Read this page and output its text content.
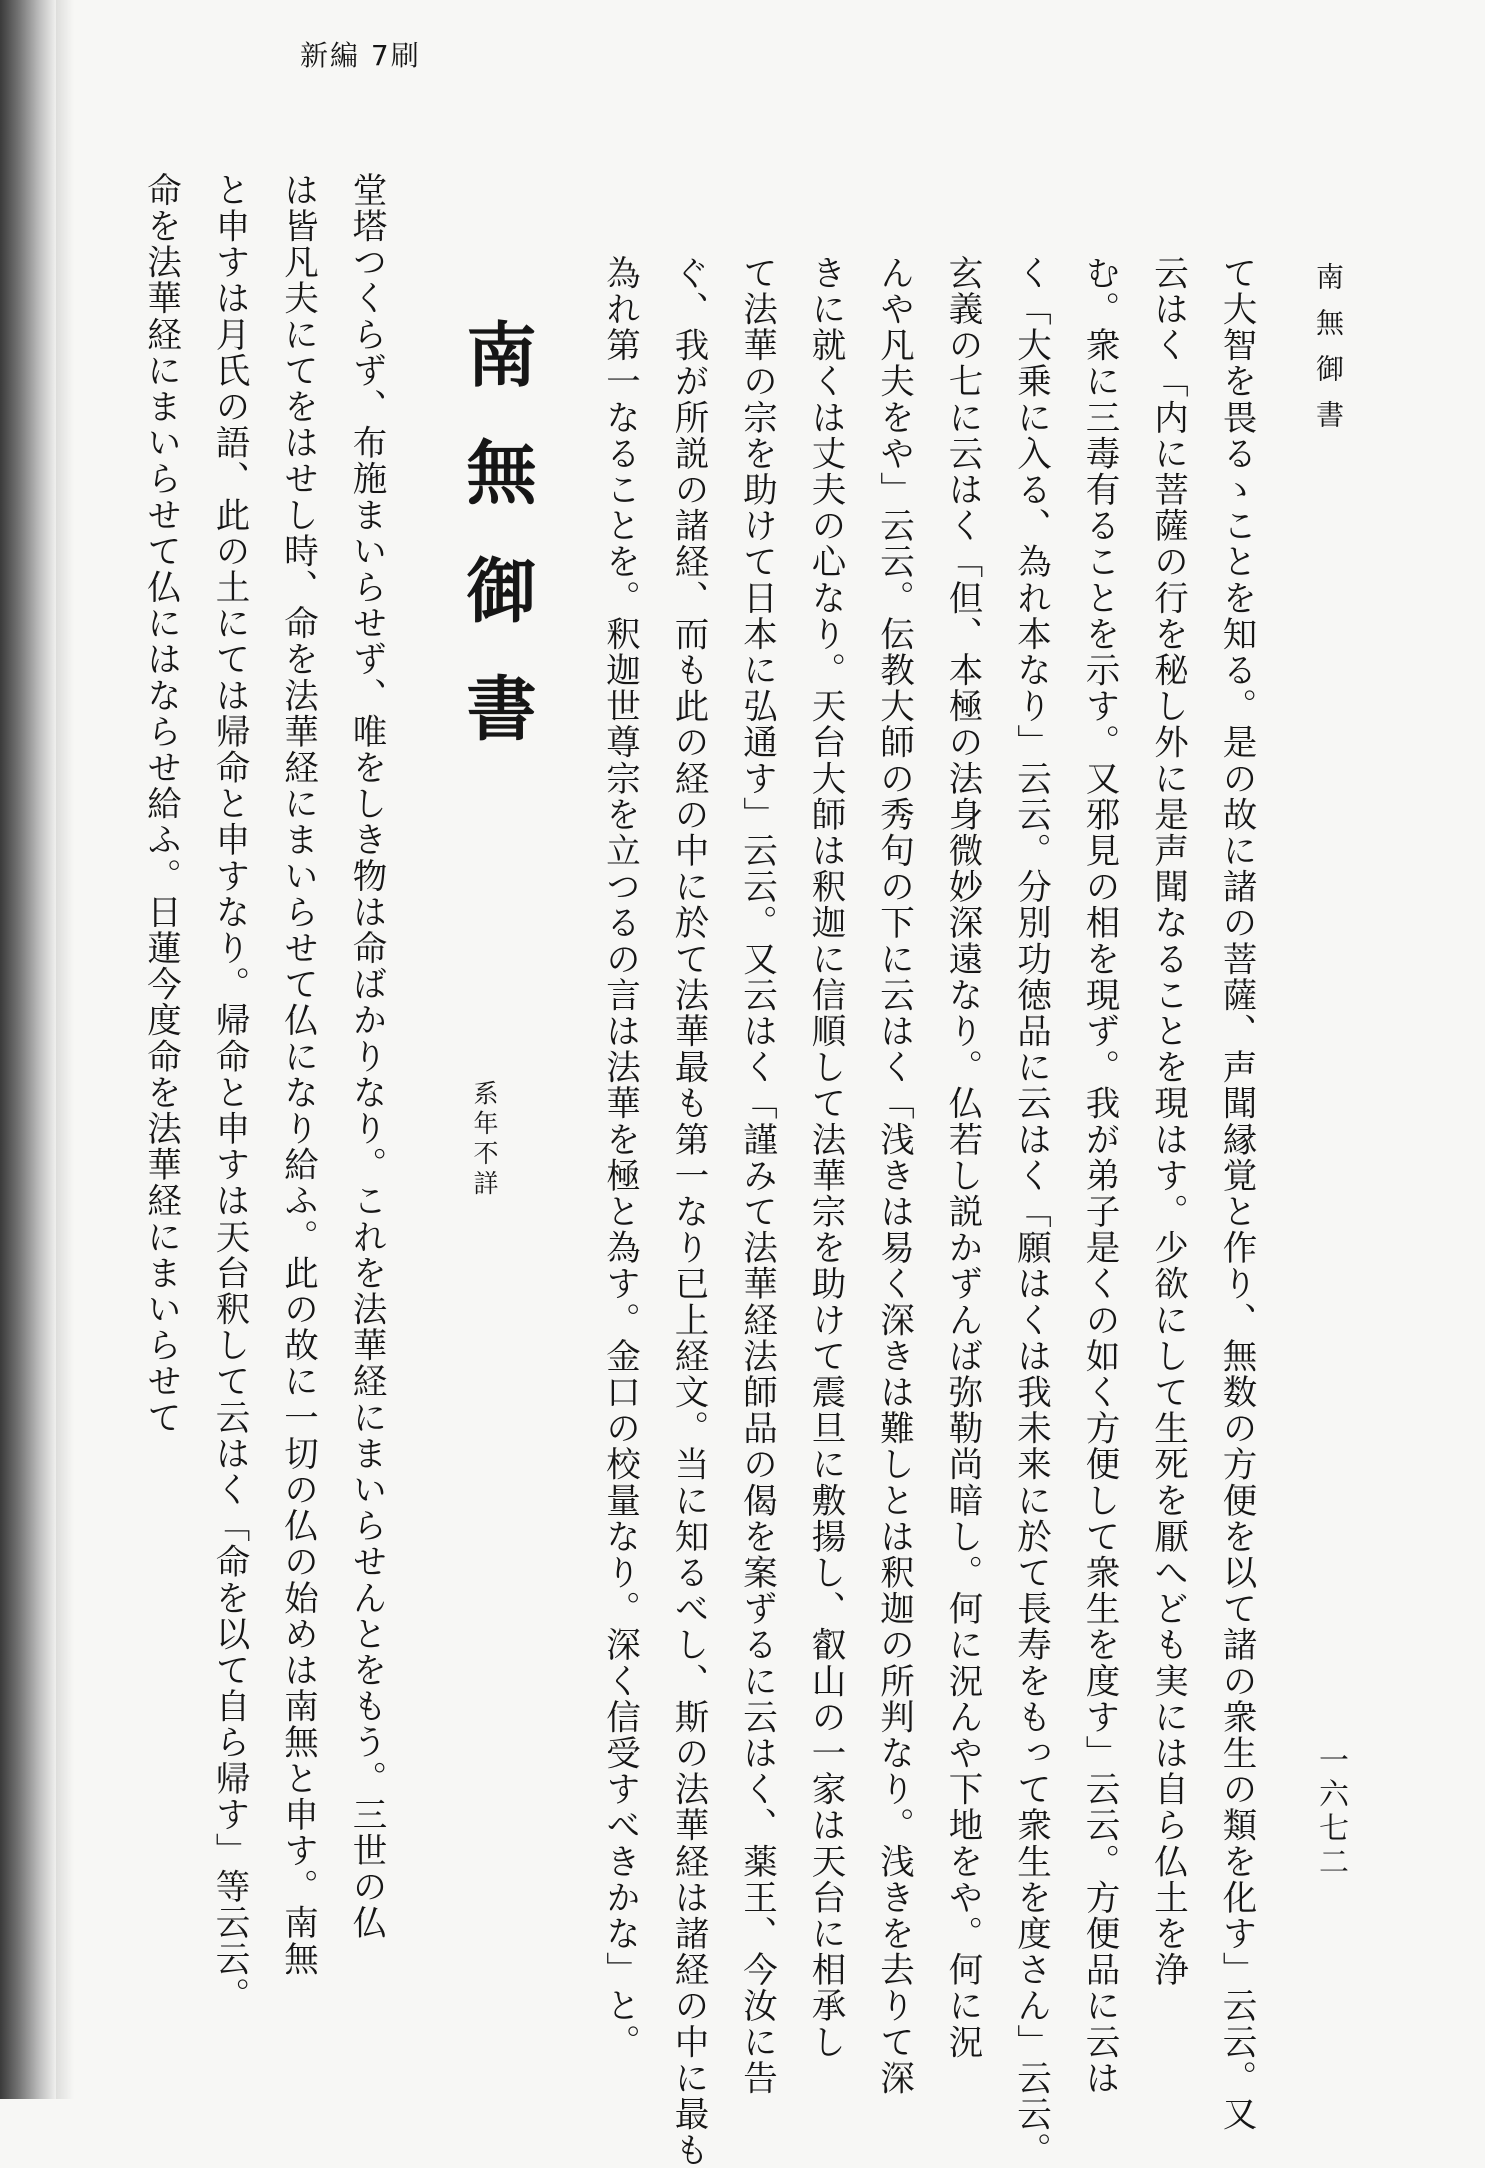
新編 7刷
南無御書
一六七二

て大智を畏るゝことを知る。是の故に諸の菩薩、声聞縁覚と作り、無数の方便を以て諸の衆生の類を化す」云云。又

云はく「内に菩薩の行を秘し外に是声聞なることを現はす。少欲にして生死を厭へども実には自ら仏土を浄

む。衆に三毒有ることを示す。又邪見の相を現ず。我が弟子是くの如く方便して衆生を度す」云云。方便品に云は

く「大乗に入る、為れ本なり」云云。分別功徳品に云はく「願はくは我未来に於て長寿をもって衆生を度さん」云云。

玄義の七に云はく「但、本極の法身微妙深遠なり。仏若し説かずんば弥勒尚暗し。何に況んや下地をや。何に況

んや凡夫をや」云云。伝教大師の秀句の下に云はく「浅きは易く深きは難しとは釈迦の所判なり。浅きを去りて深

きに就くは丈夫の心なり。天台大師は釈迦に信順して法華宗を助けて震旦に敷揚し、叡山の一家は天台に相承し

て法華の宗を助けて日本に弘通す」云云。又云はく「謹みて法華経法師品の偈を案ずるに云はく、薬王、今汝に告

ぐ、我が所説の諸経、而も此の経の中に於て法華最も第一なり已上経文。当に知るべし、斯の法華経は諸経の中に最も

為れ第一なることを。釈迦世尊宗を立つるの言は法華を極と為す。金口の校量なり。深く信受すべきかな」と。

南無御書
系年不詳

堂塔つくらず、布施まいらせず、唯をしき物は命ばかりなり。これを法華経にまいらせんとをもう。三世の仏

は皆凡夫にてをはせし時、命を法華経にまいらせて仏になり給ふ。此の故に一切の仏の始めは南無と申す。南無

と申すは月氏の語、此の土にては帰命と申すなり。帰命と申すは天台釈して云はく「命を以て自ら帰す」等云云。

命を法華経にまいらせて仏にはならせ給ふ。日蓮今度命を法華経にまいらせて
